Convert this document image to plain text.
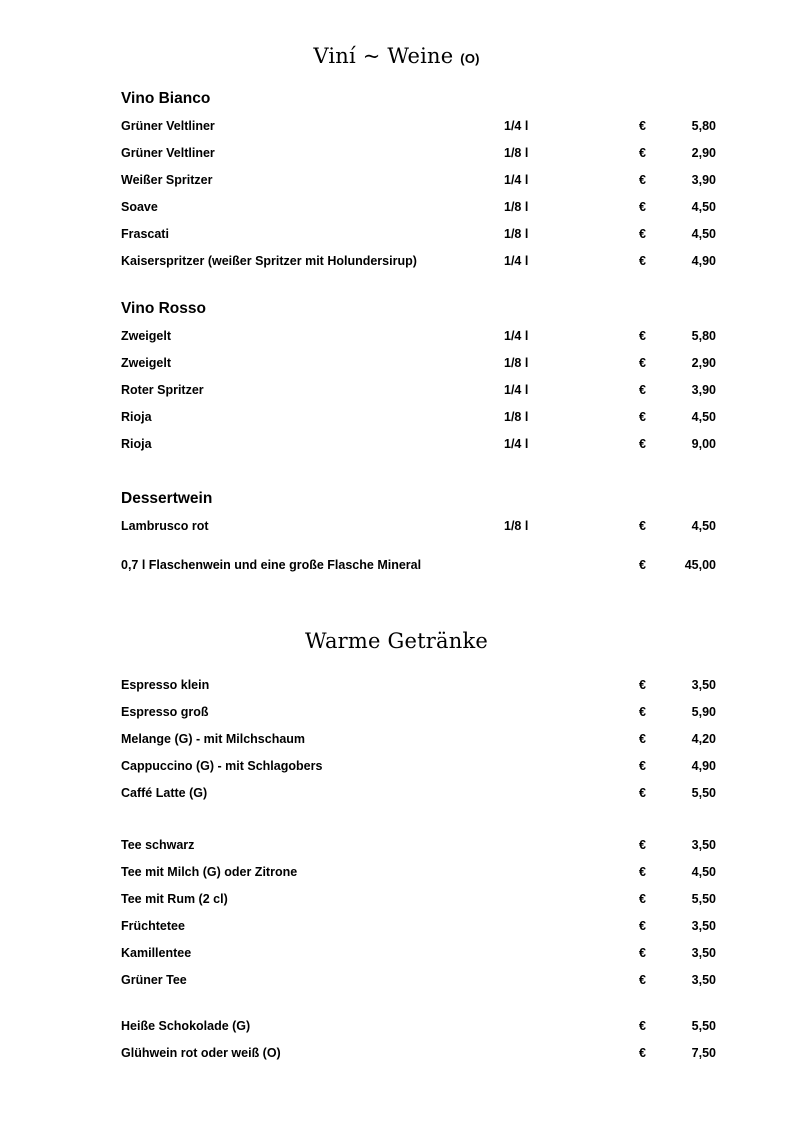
Viní ~ Weine (O)
Vino Bianco
Grüner Veltliner	1/4 l	€	5,80
Grüner Veltliner	1/8 l	€	2,90
Weißer Spritzer	1/4 l	€	3,90
Soave	1/8 l	€	4,50
Frascati	1/8 l	€	4,50
Kaiserspritzer (weißer Spritzer mit Holundersirup)	1/4 l	€	4,90
Vino Rosso
Zweigelt	1/4 l	€	5,80
Zweigelt	1/8 l	€	2,90
Roter Spritzer	1/4 l	€	3,90
Rioja	1/8 l	€	4,50
Rioja	1/4 l	€	9,00
Dessertwein
Lambrusco rot	1/8 l	€	4,50
0,7 l Flaschenwein und eine große Flasche Mineral	€	45,00
Warme Getränke
Espresso klein	€	3,50
Espresso groß	€	5,90
Melange (G) - mit Milchschaum	€	4,20
Cappuccino (G) - mit Schlagobers	€	4,90
Caffé Latte (G)	€	5,50
Tee schwarz	€	3,50
Tee mit Milch (G) oder Zitrone	€	4,50
Tee mit Rum (2 cl)	€	5,50
Früchtetee	€	3,50
Kamillentee	€	3,50
Grüner Tee	€	3,50
Heiße Schokolade (G)	€	5,50
Glühwein rot oder weiß (O)	€	7,50
